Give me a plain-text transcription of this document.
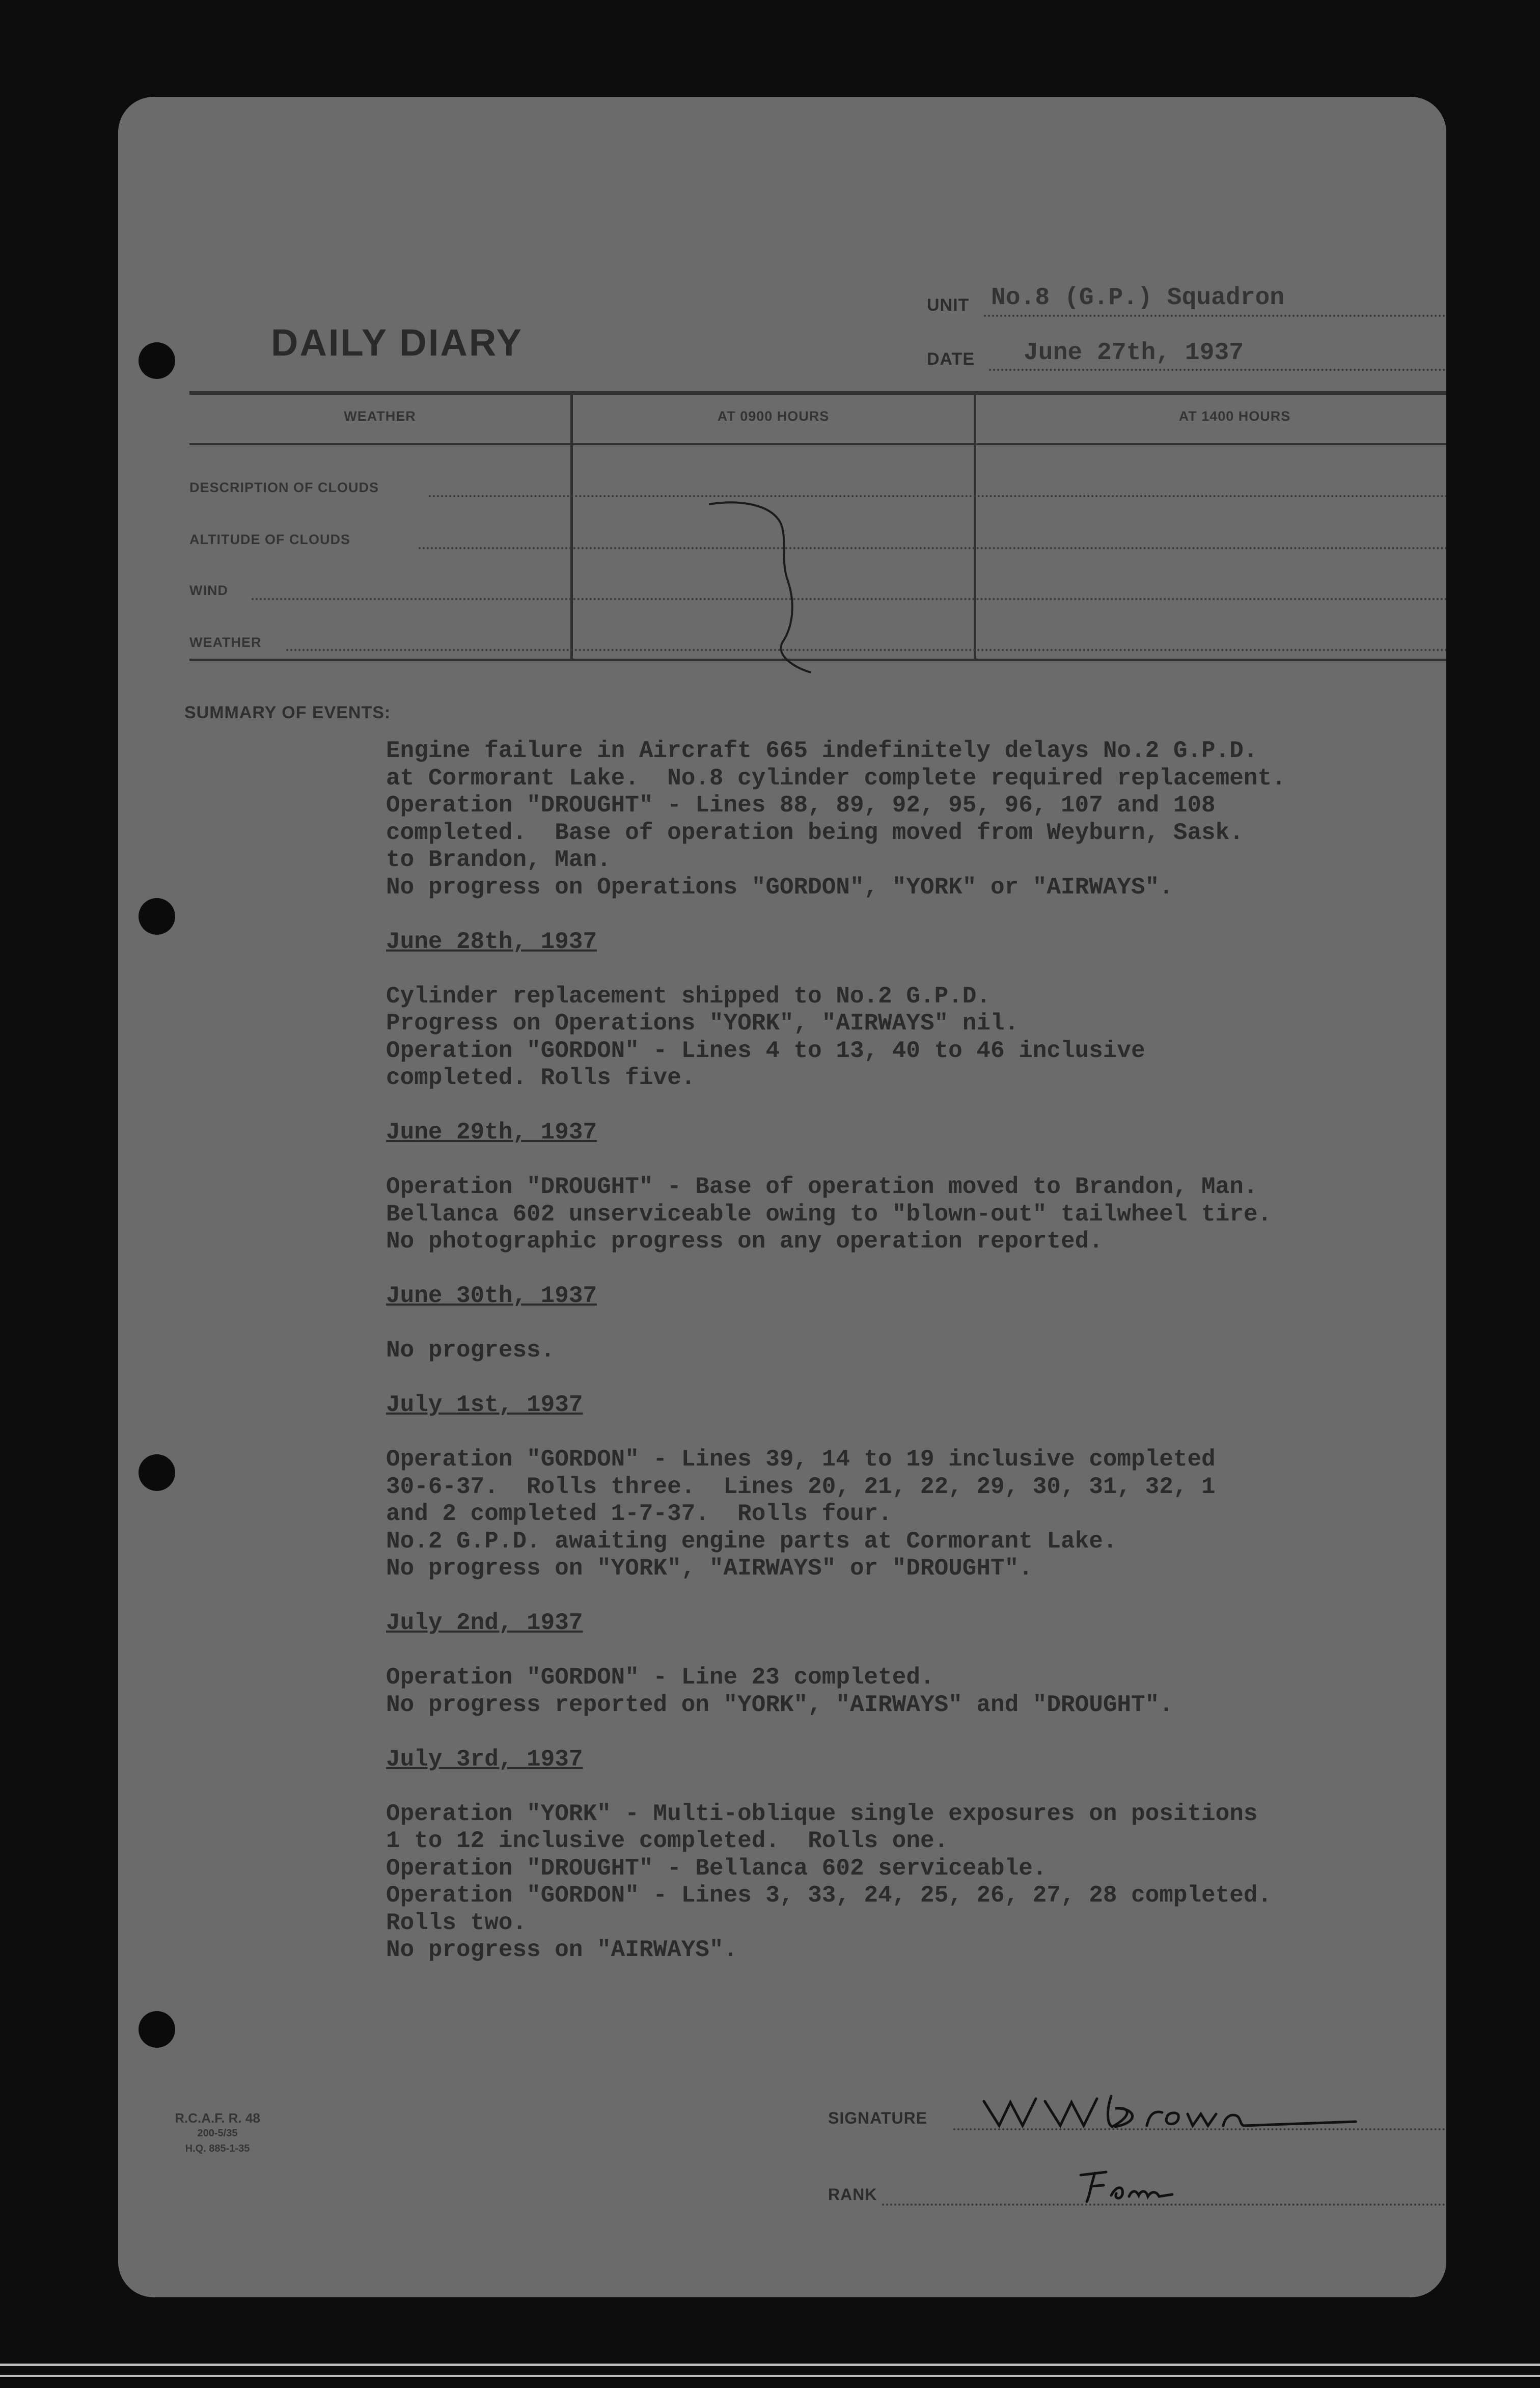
DAILY DIARY
UNIT No.8 (G.P.) Squadron
DATE June 27th, 1937
WEATHER	AT 0900 HOURS	AT 1400 HOURS
DESCRIPTION OF CLOUDS
ALTITUDE OF CLOUDS
WIND
WEATHER
SUMMARY OF EVENTS:
Engine failure in Aircraft 665 indefinitely delays No.2 G.P.D.
at Cormorant Lake.  No.8 cylinder complete required replacement.
Operation "DROUGHT" - Lines 88, 89, 92, 95, 96, 107 and 108
completed.  Base of operation being moved from Weyburn, Sask.
to Brandon, Man.
No progress on Operations "GORDON", "YORK" or "AIRWAYS".
June 28th, 1937
Cylinder replacement shipped to No.2 G.P.D.
Progress on Operations "YORK", "AIRWAYS" nil.
Operation "GORDON" - Lines 4 to 13, 40 to 46 inclusive
completed. Rolls five.
June 29th, 1937
Operation "DROUGHT" - Base of operation moved to Brandon, Man.
Bellanca 602 unserviceable owing to "blown-out" tailwheel tire.
No photographic progress on any operation reported.
June 30th, 1937
No progress.
July 1st, 1937
Operation "GORDON" - Lines 39, 14 to 19 inclusive completed
30-6-37.  Rolls three.  Lines 20, 21, 22, 29, 30, 31, 32, 1
and 2 completed 1-7-37.  Rolls four.
No.2 G.P.D. awaiting engine parts at Cormorant Lake.
No progress on "YORK", "AIRWAYS" or "DROUGHT".
July 2nd, 1937
Operation "GORDON" - Line 23 completed.
No progress reported on "YORK", "AIRWAYS" and "DROUGHT".
July 3rd, 1937
Operation "YORK" - Multi-oblique single exposures on positions
1 to 12 inclusive completed.  Rolls one.
Operation "DROUGHT" - Bellanca 602 serviceable.
Operation "GORDON" - Lines 3, 33, 24, 25, 26, 27, 28 completed.
Rolls two.
No progress on "AIRWAYS".
R.C.A.F. R. 48
200-5/35
H.Q. 885-1-35
SIGNATURE
RANK
